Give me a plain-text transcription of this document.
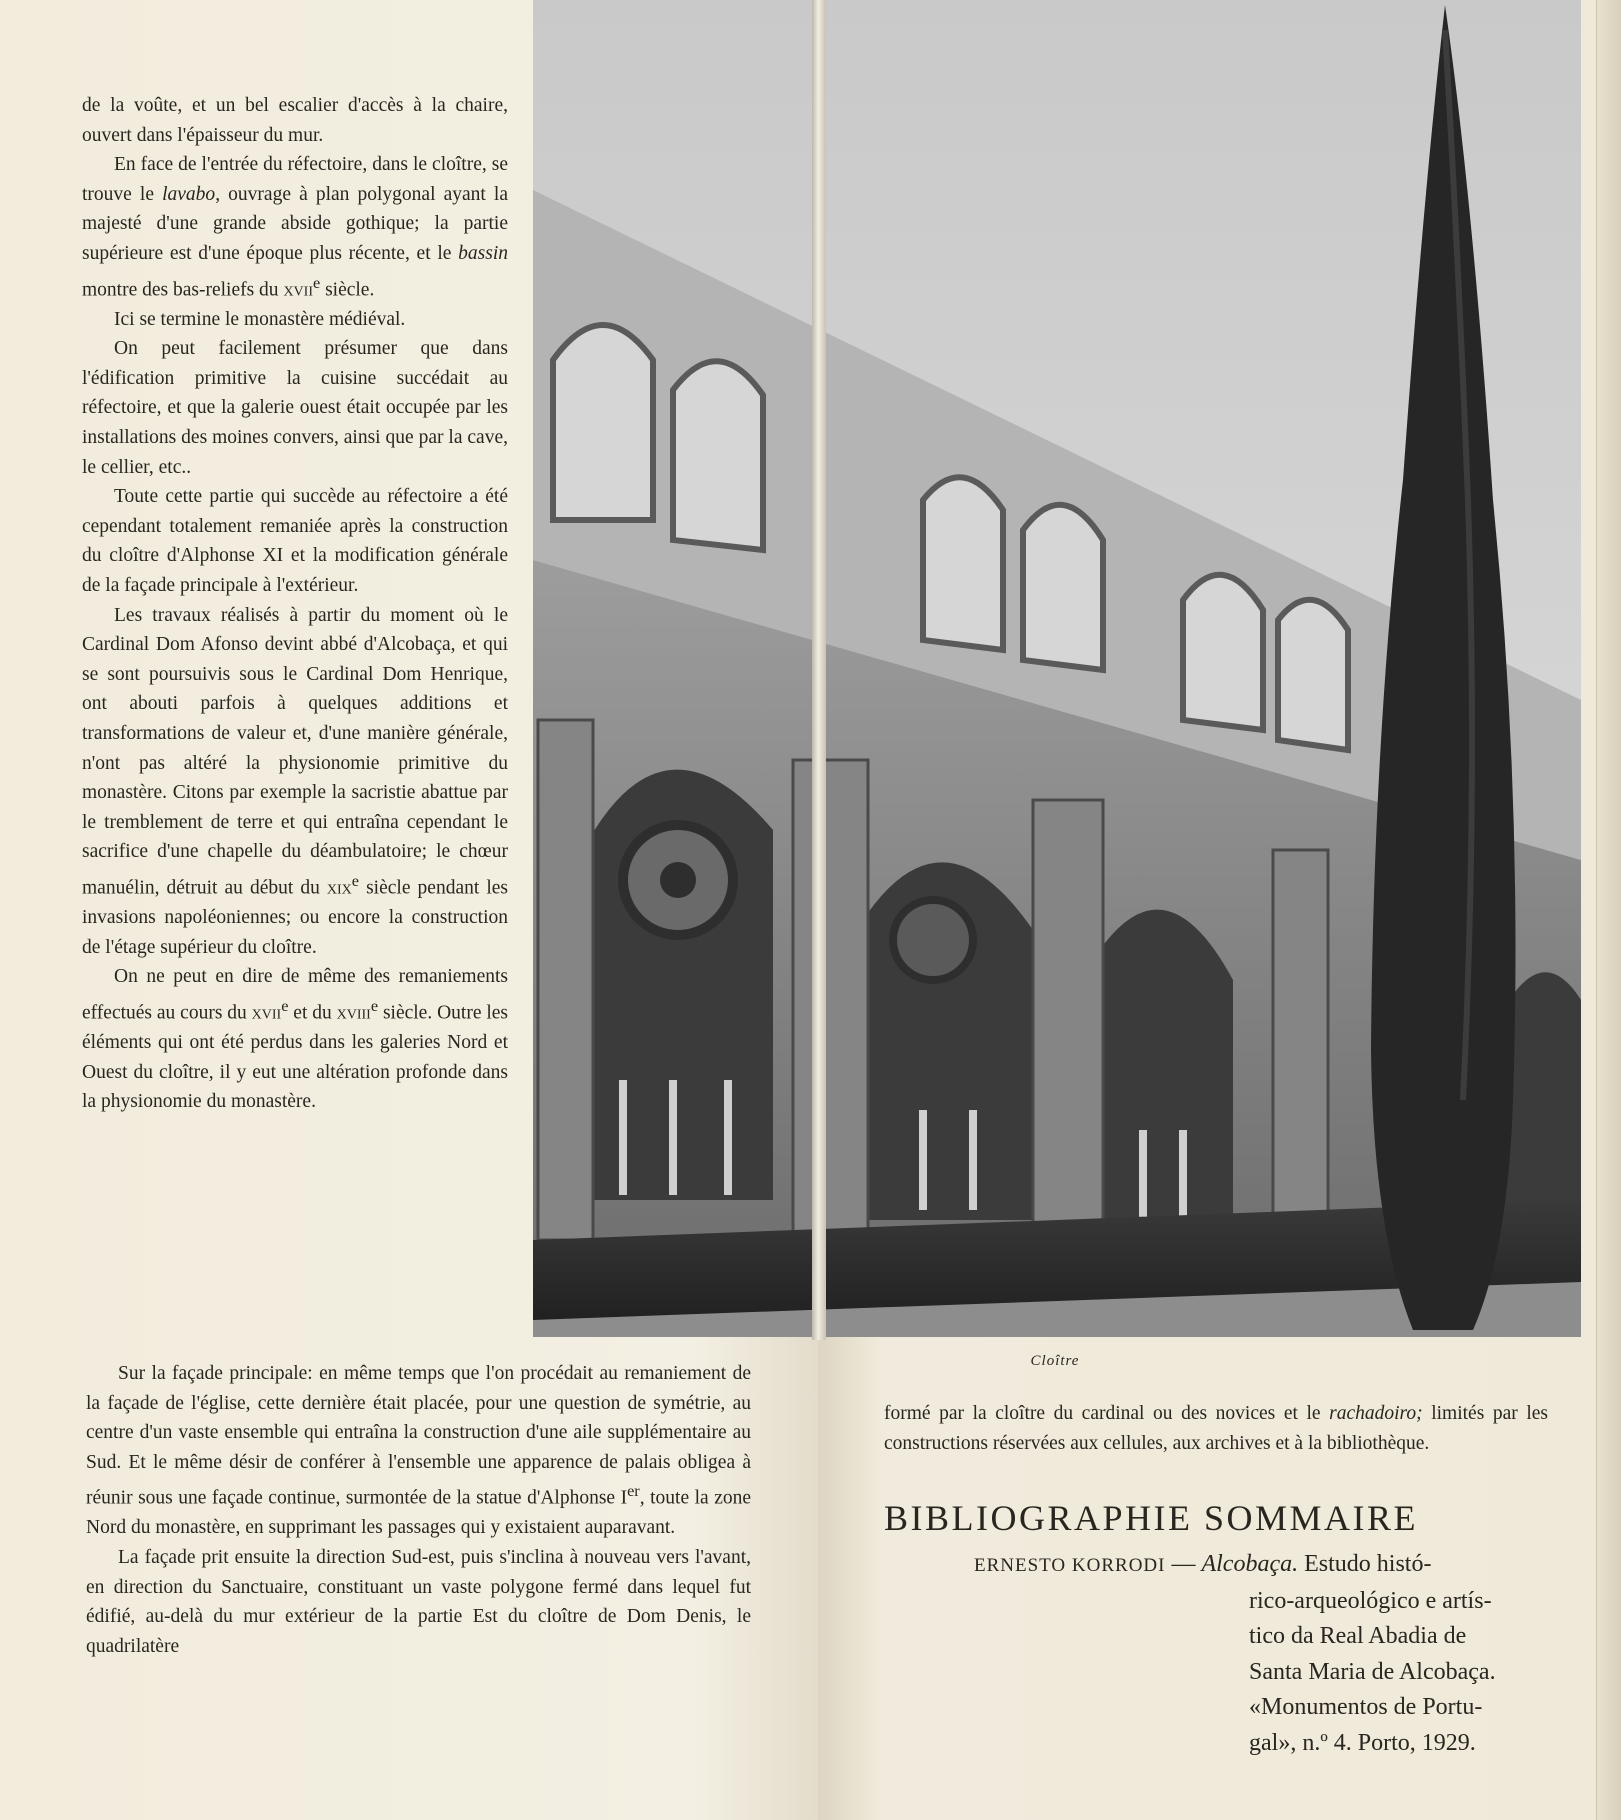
Cloître

de la voûte, et un bel escalier d'accès à la chaire, ouvert dans l'épaisseur du mur.

En face de l'entrée du réfectoire, dans le cloître, se trouve le lavabo, ouvrage à plan polygonal ayant la majesté d'une grande abside gothique; la partie supérieure est d'une époque plus récente, et le bassin montre des bas-reliefs du xvii$^e$ siècle.

Ici se termine le monastère médiéval.

On peut facilement présumer que dans l'édification primitive la cuisine succédait au réfectoire, et que la galerie ouest était occupée par les installations des moines convers, ainsi que par la cave, le cellier, etc..

Toute cette partie qui succède au réfectoire a été cependant totalement remaniée après la construction du cloître d'Alphonse XI et la modification générale de la façade principale à l'extérieur.

Les travaux réalisés à partir du moment où le Cardinal Dom Afonso devint abbé d'Alcobaça, et qui se sont poursuivis sous le Cardinal Dom Henrique, ont abouti parfois à quelques additions et transformations de valeur et, d'une manière générale, n'ont pas altéré la physionomie primitive du monastère. Citons par exemple la sacristie abattue par le tremblement de terre et qui entraîna cependant le sacrifice d'une chapelle du déambulatoire; le chœur manuélin, détruit au début du xix$^e$ siècle pendant les invasions napoléoniennes; ou encore la construction de l'étage supérieur du cloître.

On ne peut en dire de même des remaniements effectués au cours du xvii$^e$ et du xviii$^e$ siècle. Outre les éléments qui ont été perdus dans les galeries Nord et Ouest du cloître, il y eut une altération profonde dans la physionomie du monastère.

Sur la façade principale: en même temps que l'on procédait au remaniement de la façade de l'église, cette dernière était placée, pour une question de symétrie, au centre d'un vaste ensemble qui entraîna la construction d'une aile supplémentaire au Sud. Et le même désir de conférer à l'ensemble une apparence de palais obligea à réunir sous une façade continue, surmontée de la statue d'Alphonse Ier, toute la zone Nord du monastère, en supprimant les passages qui y existaient auparavant.

La façade prit ensuite la direction Sud-est, puis s'inclina à nouveau vers l'avant, en direction du Sanctuaire, constituant un vaste polygone fermé dans lequel fut édifié, au-delà du mur extérieur de la partie Est du cloître de Dom Denis, le quadrilatère

formé par la cloître du cardinal ou des novices et le rachadoiro; limités par les constructions réservées aux cellules, aux archives et à la bibliothèque.

BIBLIOGRAPHIE SOMMAIRE
ERNESTO KORRODI — Alcobaça. Estudo histó-
rico-arqueológico e artís-
tico da Real Abadia de
Santa Maria de Alcobaça.
«Monumentos de Portu-
gal», n.º 4. Porto, 1929.
